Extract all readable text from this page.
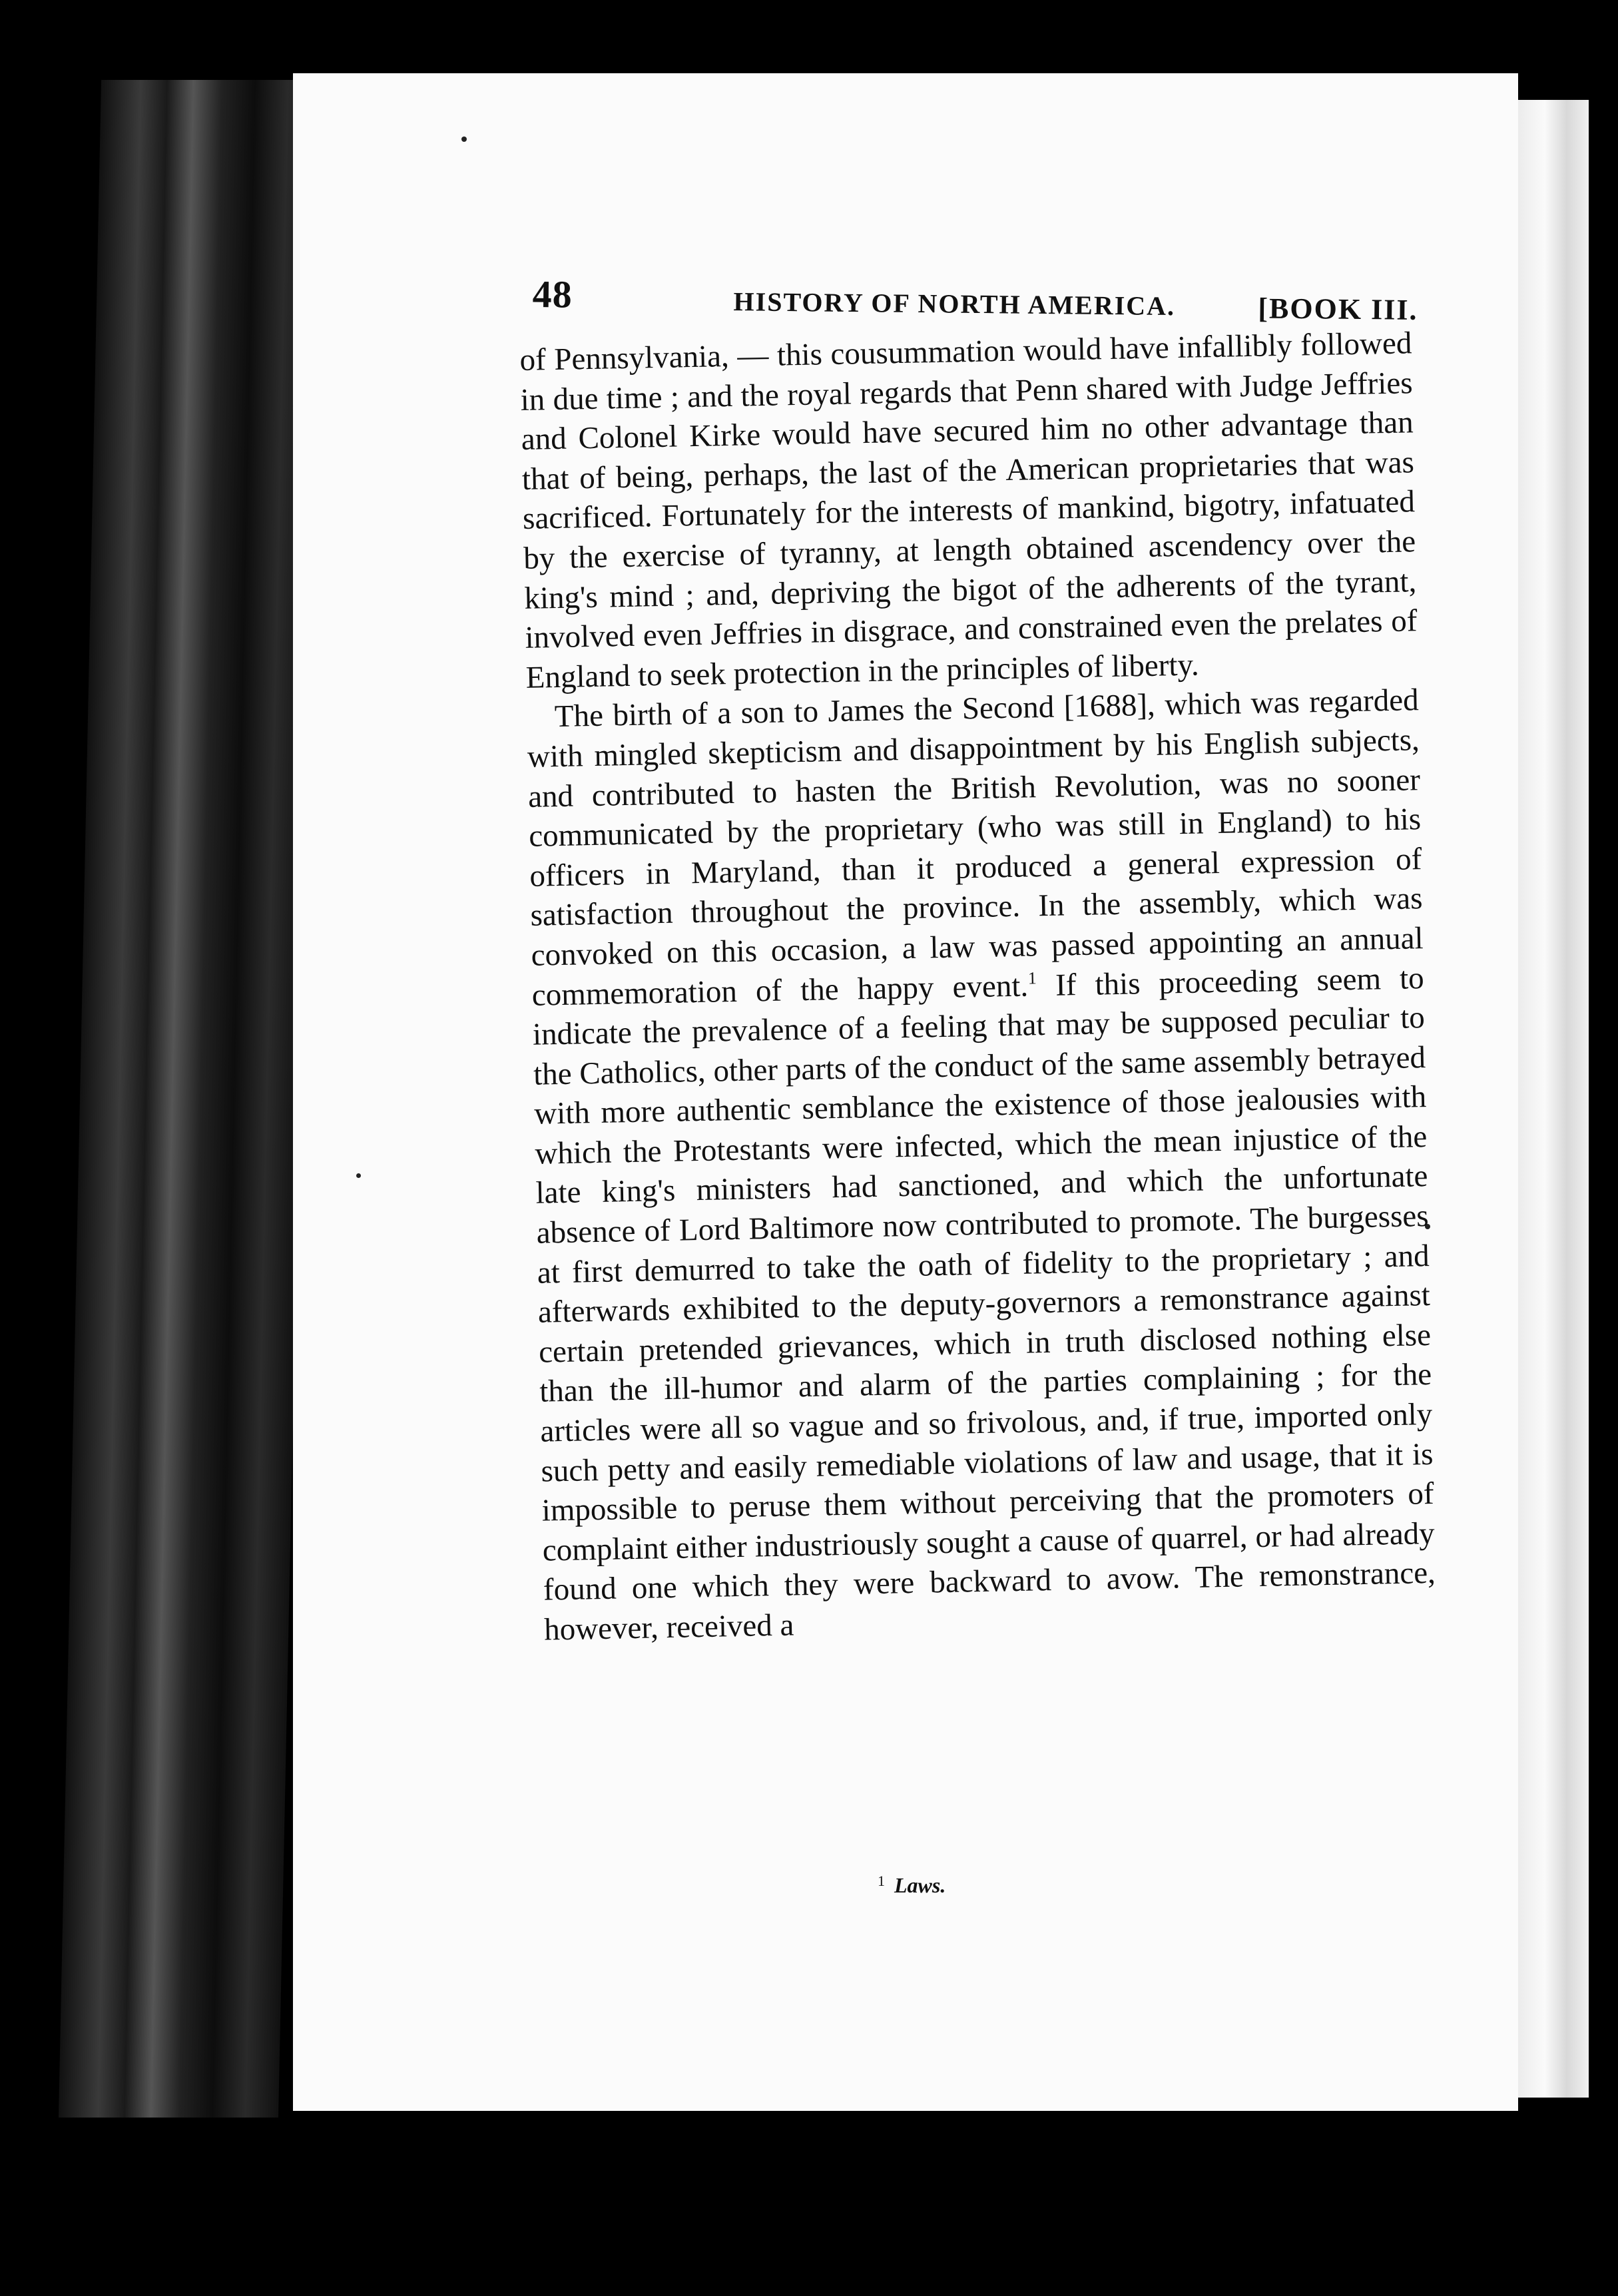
48	HISTORY OF NORTH AMERICA.	[BOOK III.

of Pennsylvania, — this cousummation would have infallibly followed in due time ; and the royal regards that Penn shared with Judge Jeffries and Colonel Kirke would have secured him no other advantage than that of being, perhaps, the last of the American proprietaries that was sacrificed. Fortunately for the interests of mankind, bigotry, infatuated by the exercise of tyranny, at length obtained ascendency over the king's mind ; and, depriving the bigot of the adherents of the tyrant, involved even Jeffries in disgrace, and constrained even the prelates of England to seek protection in the principles of liberty.

The birth of a son to James the Second [1688], which was regarded with mingled skepticism and disappointment by his English subjects, and contributed to hasten the British Revolution, was no sooner communicated by the proprietary (who was still in England) to his officers in Maryland, than it produced a general expression of satisfaction throughout the province. In the assembly, which was convoked on this occasion, a law was passed appointing an annual commemoration of the happy event.$^1$ If this proceeding seem to indicate the prevalence of a feeling that may be supposed peculiar to the Catholics, other parts of the conduct of the same assembly betrayed with more authentic semblance the existence of those jealousies with which the Protestants were infected, which the mean injustice of the late king's ministers had sanctioned, and which the unfortunate absence of Lord Baltimore now contributed to promote. The burgesses at first demurred to take the oath of fidelity to the proprietary ; and afterwards exhibited to the deputy-governors a remonstrance against certain pretended grievances, which in truth disclosed nothing else than the ill-humor and alarm of the parties complaining ; for the articles were all so vague and so frivolous, and, if true, imported only such petty and easily remediable violations of law and usage, that it is impossible to peruse them without perceiving that the promoters of complaint either industriously sought a cause of quarrel, or had already found one which they were backward to avow. The remonstrance, however, received a

$^1$ Laws.
